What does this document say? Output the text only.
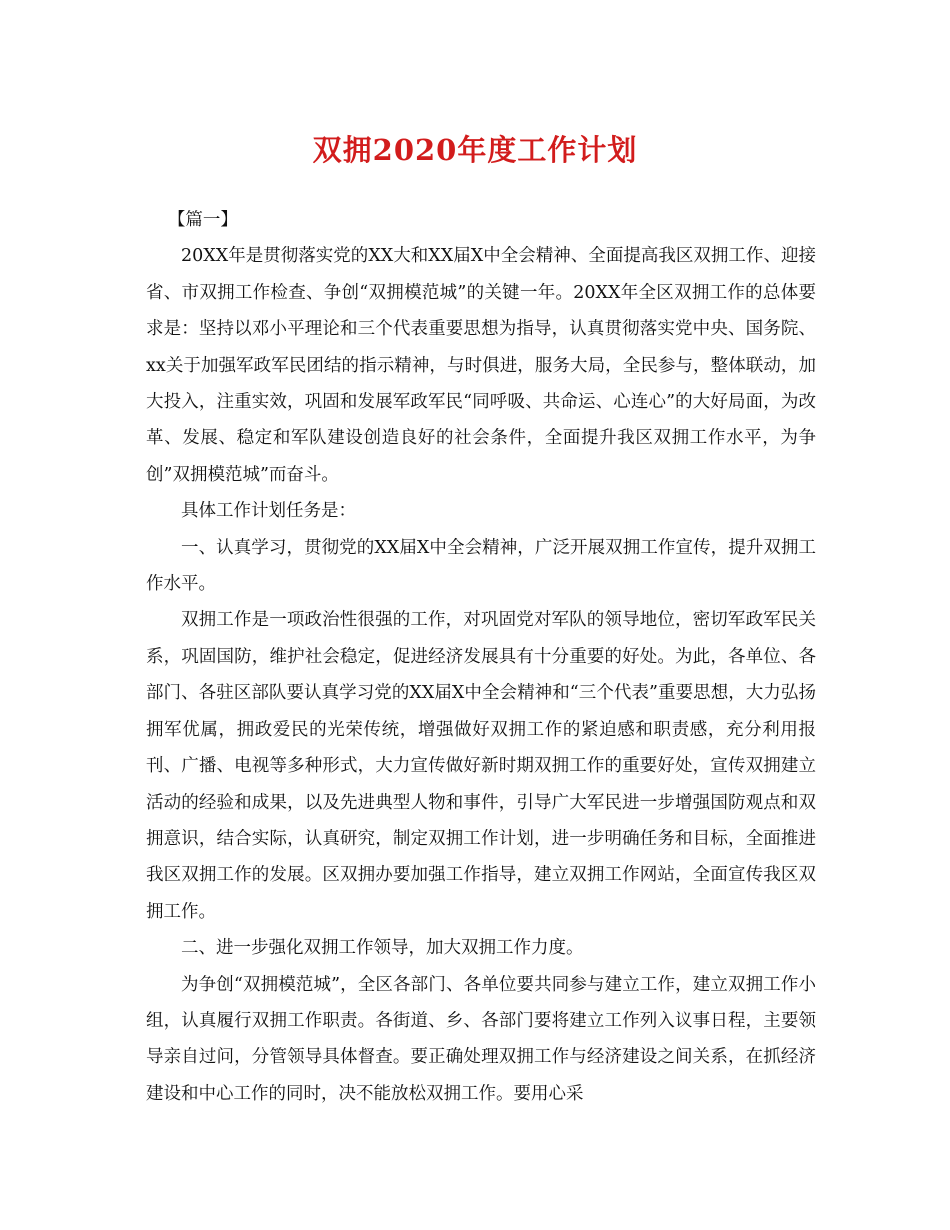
双拥2020年度工作计划

【篇一】

20XX年是贯彻落实党的XX大和XX届X中全会精神、全面提高我区双拥工作、迎接省、市双拥工作检查、争创“双拥模范城”的关键一年。20XX年全区双拥工作的总体要求是：坚持以邓小平理论和三个代表重要思想为指导，认真贯彻落实党中央、国务院、xx关于加强军政军民团结的指示精神，与时俱进，服务大局，全民参与，整体联动，加大投入，注重实效，巩固和发展军政军民“同呼吸、共命运、心连心”的大好局面，为改革、发展、稳定和军队建设创造良好的社会条件，全面提升我区双拥工作水平，为争创”双拥模范城”而奋斗。

具体工作计划任务是：

一、认真学习，贯彻党的XX届X中全会精神，广泛开展双拥工作宣传，提升双拥工作水平。

双拥工作是一项政治性很强的工作，对巩固党对军队的领导地位，密切军政军民关系，巩固国防，维护社会稳定，促进经济发展具有十分重要的好处。为此，各单位、各部门、各驻区部队要认真学习党的XX届X中全会精神和“三个代表”重要思想，大力弘扬拥军优属，拥政爱民的光荣传统，增强做好双拥工作的紧迫感和职责感，充分利用报刊、广播、电视等多种形式，大力宣传做好新时期双拥工作的重要好处，宣传双拥建立活动的经验和成果，以及先进典型人物和事件，引导广大军民进一步增强国防观点和双拥意识，结合实际，认真研究，制定双拥工作计划，进一步明确任务和目标，全面推进我区双拥工作的发展。区双拥办要加强工作指导，建立双拥工作网站，全面宣传我区双拥工作。

二、进一步强化双拥工作领导，加大双拥工作力度。

为争创“双拥模范城”，全区各部门、各单位要共同参与建立工作，建立双拥工作小组，认真履行双拥工作职责。各街道、乡、各部门要将建立工作列入议事日程，主要领导亲自过问，分管领导具体督查。要正确处理双拥工作与经济建设之间关系，在抓经济建设和中心工作的同时，决不能放松双拥工作。要用心采
